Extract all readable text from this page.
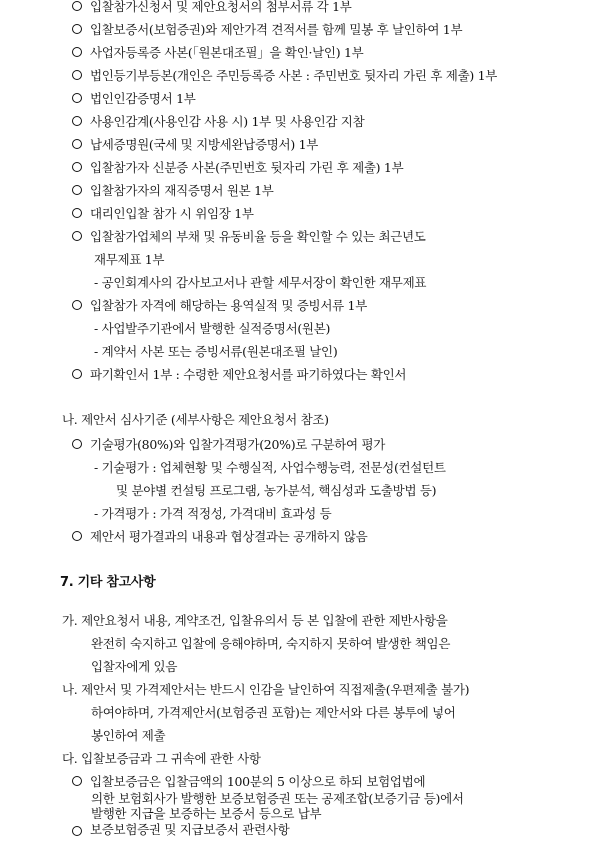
입찰참가신청서 및 제안요청서의 첨부서류 각 1부
입찰보증서(보험증권)와 제안가격 견적서를 함께 밀봉 후 날인하여 1부
사업자등록증 사본(「원본대조필」을 확인·날인) 1부
법인등기부등본(개인은 주민등록증 사본 : 주민번호 뒷자리 가린 후 제출) 1부
법인인감증명서 1부
사용인감계(사용인감 사용 시) 1부 및 사용인감 지참
납세증명원(국세 및 지방세완납증명서) 1부
입찰참가자 신분증 사본(주민번호 뒷자리 가린 후 제출) 1부
입찰참가자의 재직증명서 원본 1부
대리인입찰 참가 시 위임장 1부
입찰참가업체의 부채 및 유동비율 등을 확인할 수 있는 최근년도
재무제표 1부
- 공인회계사의 감사보고서나 관할 세무서장이 확인한 재무제표
입찰참가 자격에 해당하는 용역실적 및 증빙서류 1부
- 사업발주기관에서 발행한 실적증명서(원본)
- 계약서 사본 또는 증빙서류(원본대조필 날인)
파기확인서 1부 : 수령한 제안요청서를 파기하였다는 확인서
나. 제안서 심사기준 (세부사항은 제안요청서 참조)
기술평가(80%)와 입찰가격평가(20%)로 구분하여 평가
- 기술평가 : 업체현황 및 수행실적, 사업수행능력, 전문성(컨설턴트
및 분야별 컨설팅 프로그램, 농가분석, 핵심성과 도출방법 등)
- 가격평가 : 가격 적정성, 가격대비 효과성 등
제안서 평가결과의 내용과 협상결과는 공개하지 않음
7. 기타 참고사항
가. 제안요청서 내용, 계약조건, 입찰유의서 등 본 입찰에 관한 제반사항을
완전히 숙지하고 입찰에 응해야하며, 숙지하지 못하여 발생한 책임은
입찰자에게 있음
나. 제안서 및 가격제안서는 반드시 인감을 날인하여 직접제출(우편제출 불가)
하여야하며, 가격제안서(보험증권 포함)는 제안서와 다른 봉투에 넣어
봉인하여 제출
다. 입찰보증금과 그 귀속에 관한 사항
입찰보증금은 입찰금액의 100분의 5 이상으로 하되 보험업법에
의한 보험회사가 발행한 보증보험증권 또는 공제조합(보증기금 등)에서
발행한 지급을 보증하는 보증서 등으로 납부
보증보험증권 및 지급보증서 관련사항
